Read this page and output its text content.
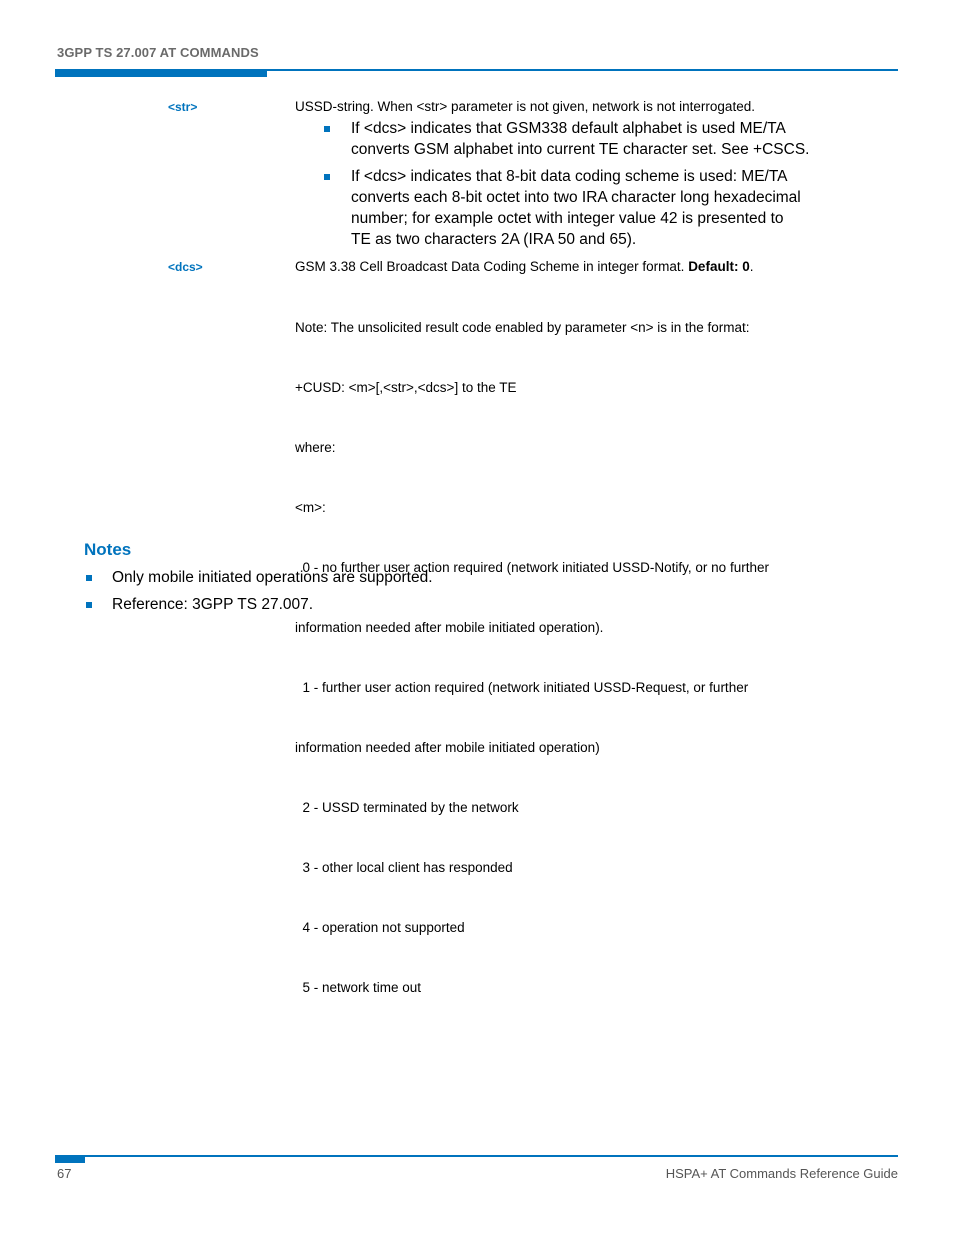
3GPP TS 27.007 AT COMMANDS
<str>	USSD-string. When <str> parameter is not given, network is not interrogated.
If <dcs> indicates that GSM338 default alphabet is used ME/TA
converts GSM alphabet into current TE character set. See +CSCS.
If <dcs> indicates that 8-bit data coding scheme is used: ME/TA
converts each 8-bit octet into two IRA character long hexadecimal
number; for example octet with integer value 42 is presented to
TE as two characters 2A (IRA 50 and 65).
<dcs>	GSM 3.38 Cell Broadcast Data Coding Scheme in integer format. Default: 0.

Note: The unsolicited result code enabled by parameter <n> is in the format:

+CUSD: <m>[,<str>,<dcs>] to the TE

where:

<m>:

0 - no further user action required (network initiated USSD-Notify, or no further

information needed after mobile initiated operation).

1 - further user action required (network initiated USSD-Request, or further

information needed after mobile initiated operation)

2 - USSD terminated by the network

3 - other local client has responded

4 - operation not supported

5 - network time out

Notes
Only mobile initiated operations are supported.
Reference: 3GPP TS 27.007.
67	HSPA+ AT Commands Reference Guide
